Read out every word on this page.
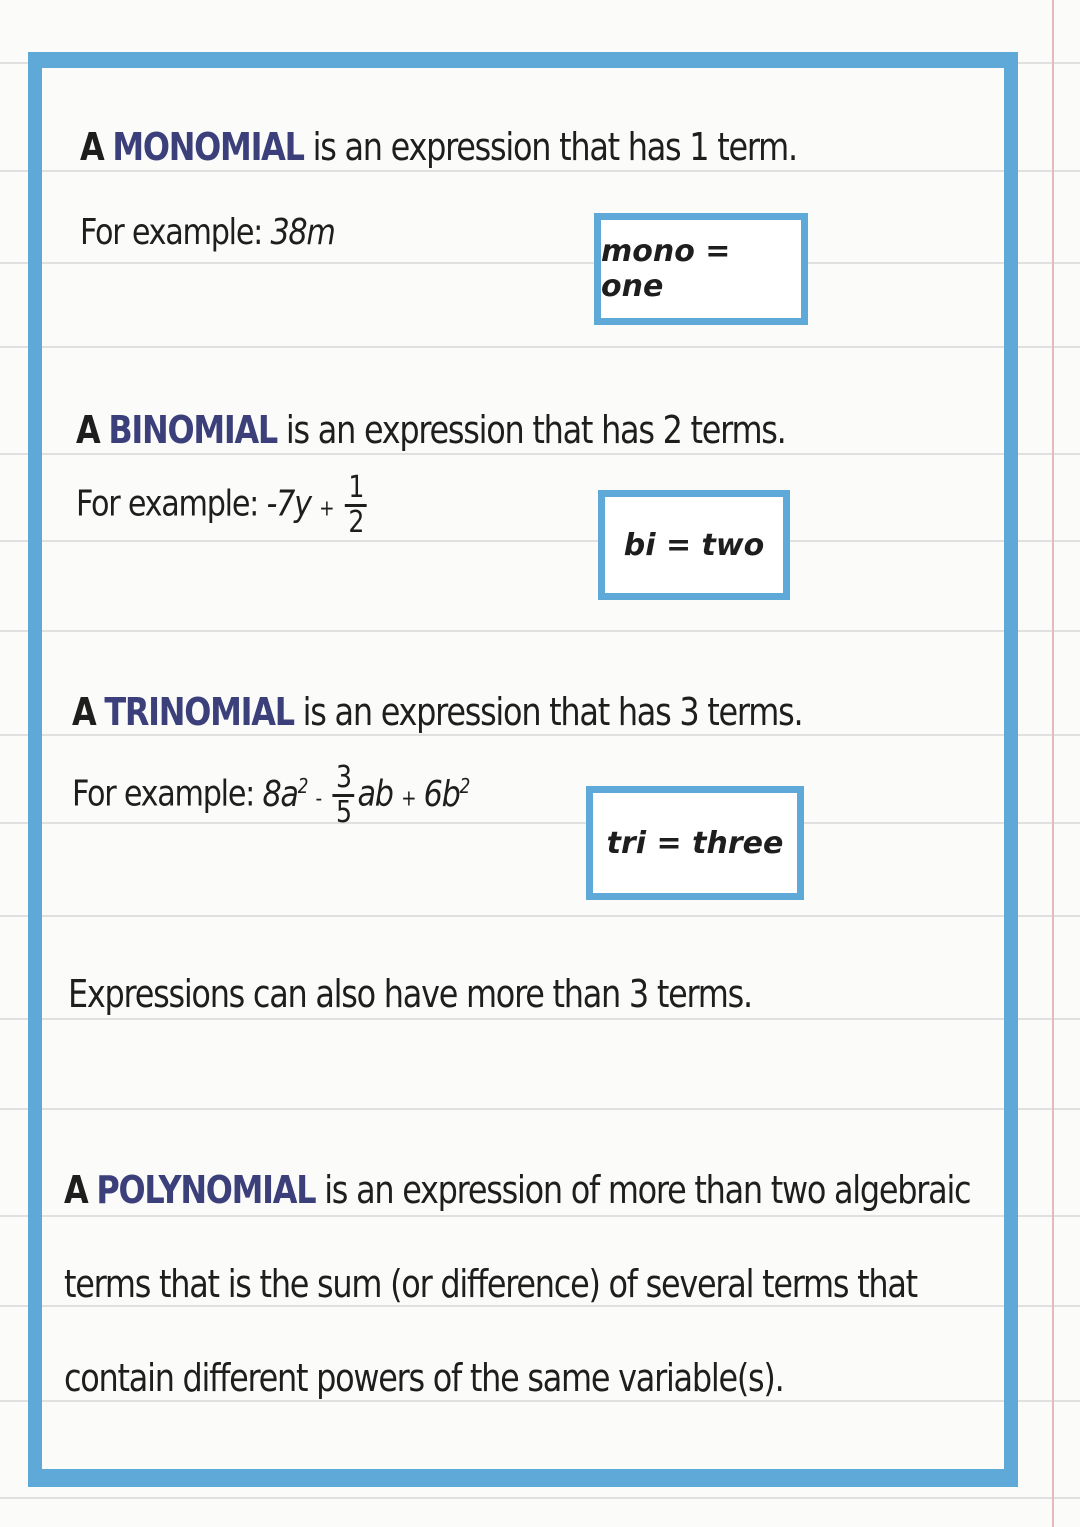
A MONOMIAL is an expression that has 1 term.
For example: 38m	mono = one
A BINOMIAL is an expression that has 2 terms.
For example: $-7y + \frac{1}{2}$
bi = two
A TRINOMIAL is an expression that has 3 terms.
For example: $8a^2 - \frac{3}{5}$ ab + $6b^2$
tri = three
Expressions can also have more than 3 terms.
A POLYNOMIAL is an expression of more than two algebraic
terms that is the sum (or difference) of several terms that
contain different powers of the same variable(s).
